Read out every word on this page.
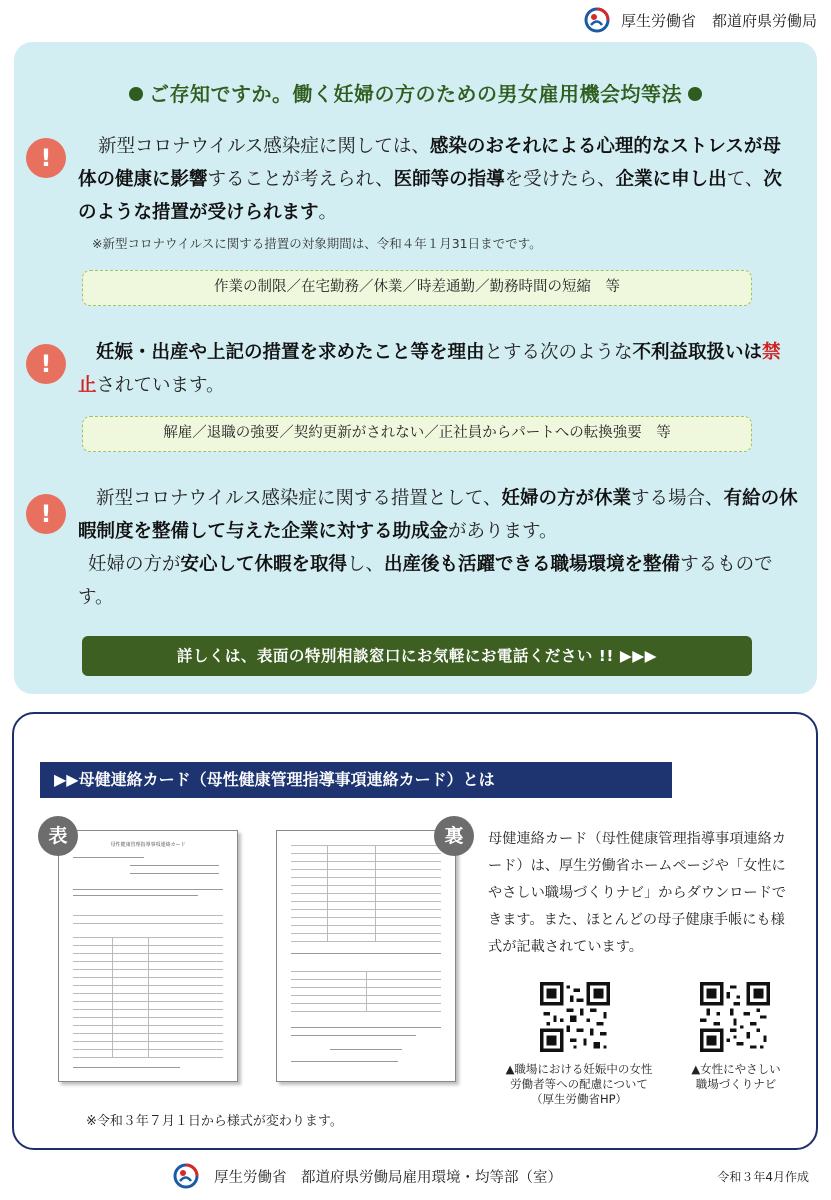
厚生労働省 都道府県労働局
ご存知ですか。働く妊婦の方のための男女雇用機会均等法
!	新型コロナウイルス感染症に関しては、感染のおそれによる心理的なストレスが母体の健康に影響することが考えられ、医師等の指導を受けたら、企業に申し出て、次のような措置が受けられます。
※新型コロナウイルスに関する措置の対象期間は、令和４年１月31日までです。
作業の制限／在宅勤務／休業／時差通勤／勤務時間の短縮　等
!	妊娠・出産や上記の措置を求めたこと等を理由とする次のような不利益取扱いは禁止されています。
解雇／退職の強要／契約更新がされない／正社員からパートへの転換強要　等
!
新型コロナウイルス感染症に関する措置として、妊婦の方が休業する場合、有給の休暇制度を整備して与えた企業に対する助成金があります。
妊婦の方が安心して休暇を取得し、出産後も活躍できる職場環境を整備するものです。
詳しくは、表面の特別相談窓口にお気軽にお電話ください !! ▶▶▶
▶▶母健連絡カード（母性健康管理指導事項連絡カード）とは
母性健康管理指導事項連絡カード
表	裏	母健連絡カード（母性健康管理指導事項連絡カード）は、厚生労働省ホームページや「女性にやさしい職場づくりナビ」からダウンロードできます。また、ほとんどの母子健康手帳にも様式が記載されています。
▲職場における妊娠中の女性
労働者等への配慮について
（厚生労働省HP）
▲女性にやさしい
職場づくりナビ
※令和３年７月１日から様式が変わります。
厚生労働省　都道府県労働局雇用環境・均等部（室）	令和３年4月作成
